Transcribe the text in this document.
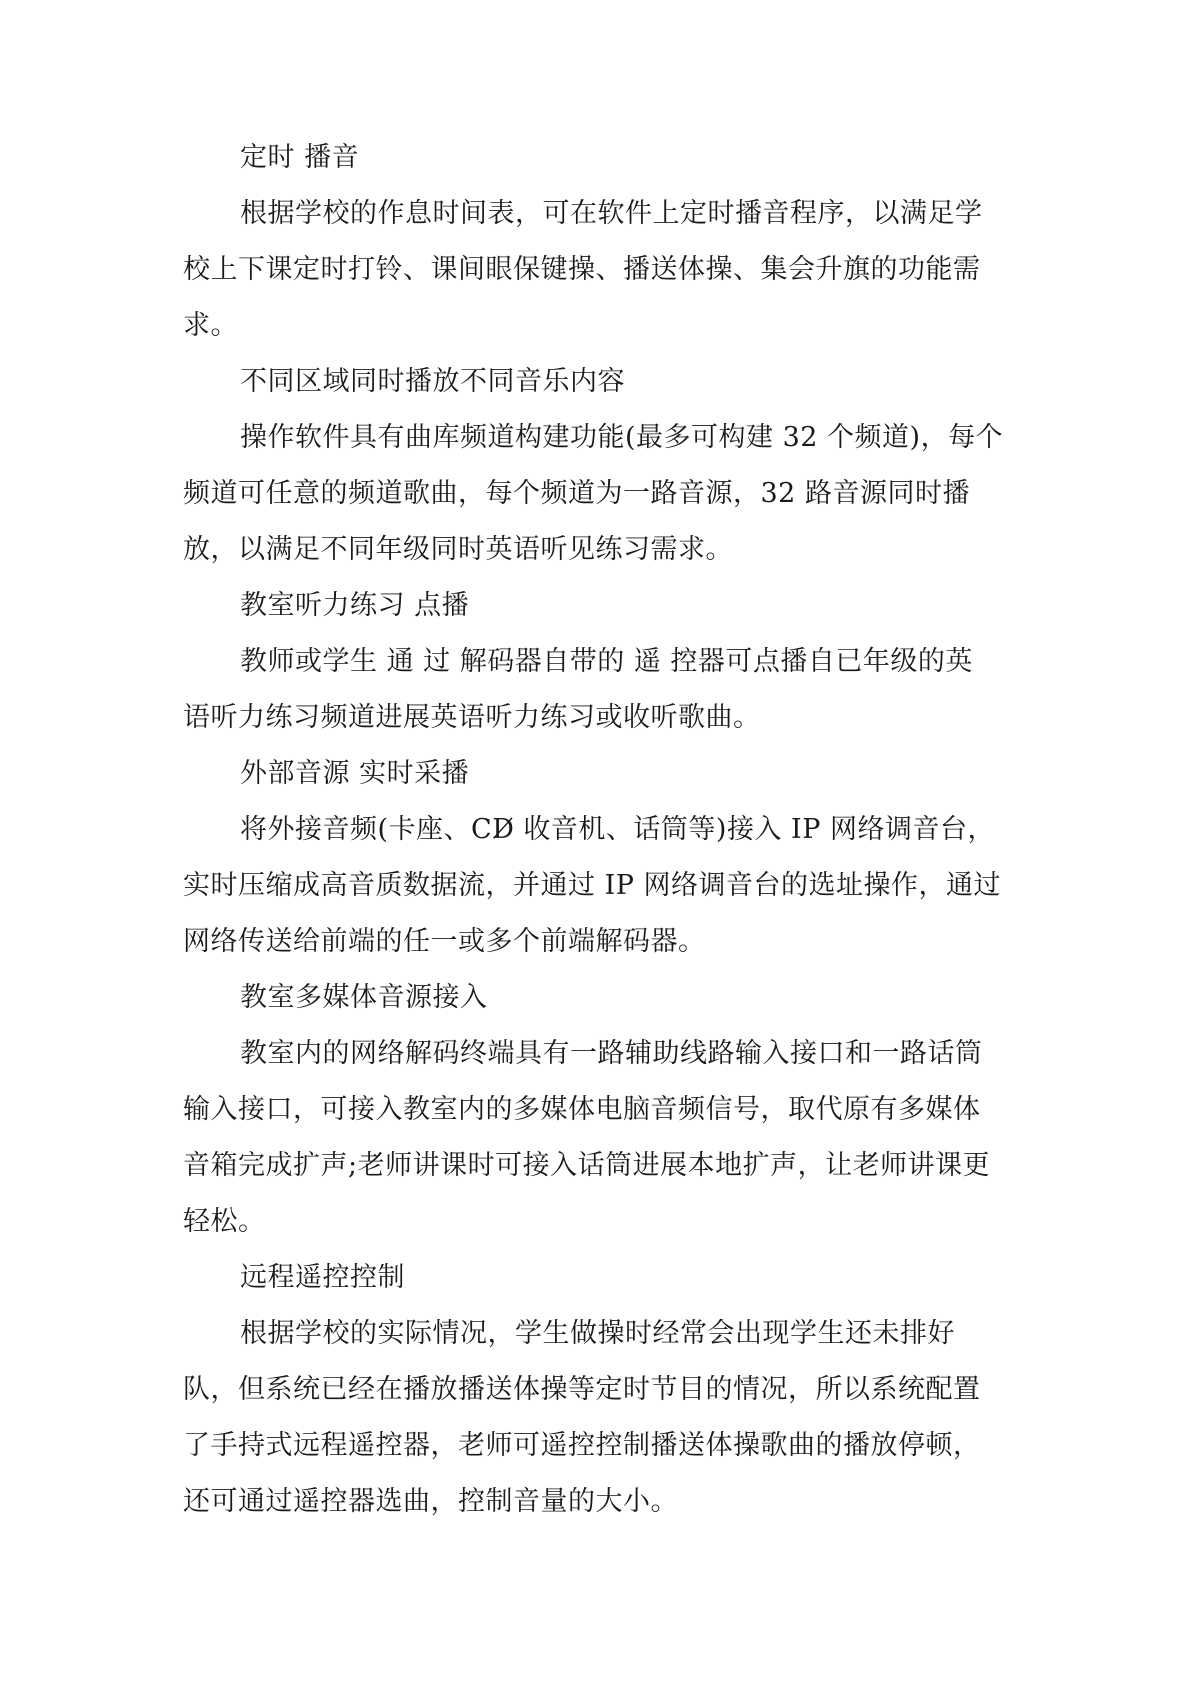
定时 播音
根据学校的作息时间表，可在软件上定时播音程序，以满足学
校上下课定时打铃、课间眼保键操、播送体操、集会升旗的功能需
求。
不同区域同时播放不同音乐内容
操作软件具有曲库频道构建功能(最多可构建 32 个频道)，每个
频道可任意的频道歌曲，每个频道为一路音源，32 路音源同时播
放，以满足不同年级同时英语听见练习需求。
教室听力练习 点播
教师或学生 通 过 解码器自带的 遥 控器可点播自已年级的英
语听力练习频道进展英语听力练习或收听歌曲。
外部音源 实时采播
将外接音频(卡座、CD̸ 收音机、话筒等)接入 IP 网络调音台，
实时压缩成高音质数据流，并通过 IP 网络调音台的选址操作，通过
网络传送给前端的任一或多个前端解码器。
教室多媒体音源接入
教室内的网络解码终端具有一路辅助线路输入接口和一路话筒
输入接口，可接入教室内的多媒体电脑音频信号，取代原有多媒体
音箱完成扩声;老师讲课时可接入话筒进展本地扩声，让老师讲课更
轻松。
远程遥控控制
根据学校的实际情况，学生做操时经常会出现学生还未排好
队，但系统已经在播放播送体操等定时节目的情况，所以系统配置
了手持式远程遥控器，老师可遥控控制播送体操歌曲的播放停顿，
还可通过遥控器选曲，控制音量的大小。
